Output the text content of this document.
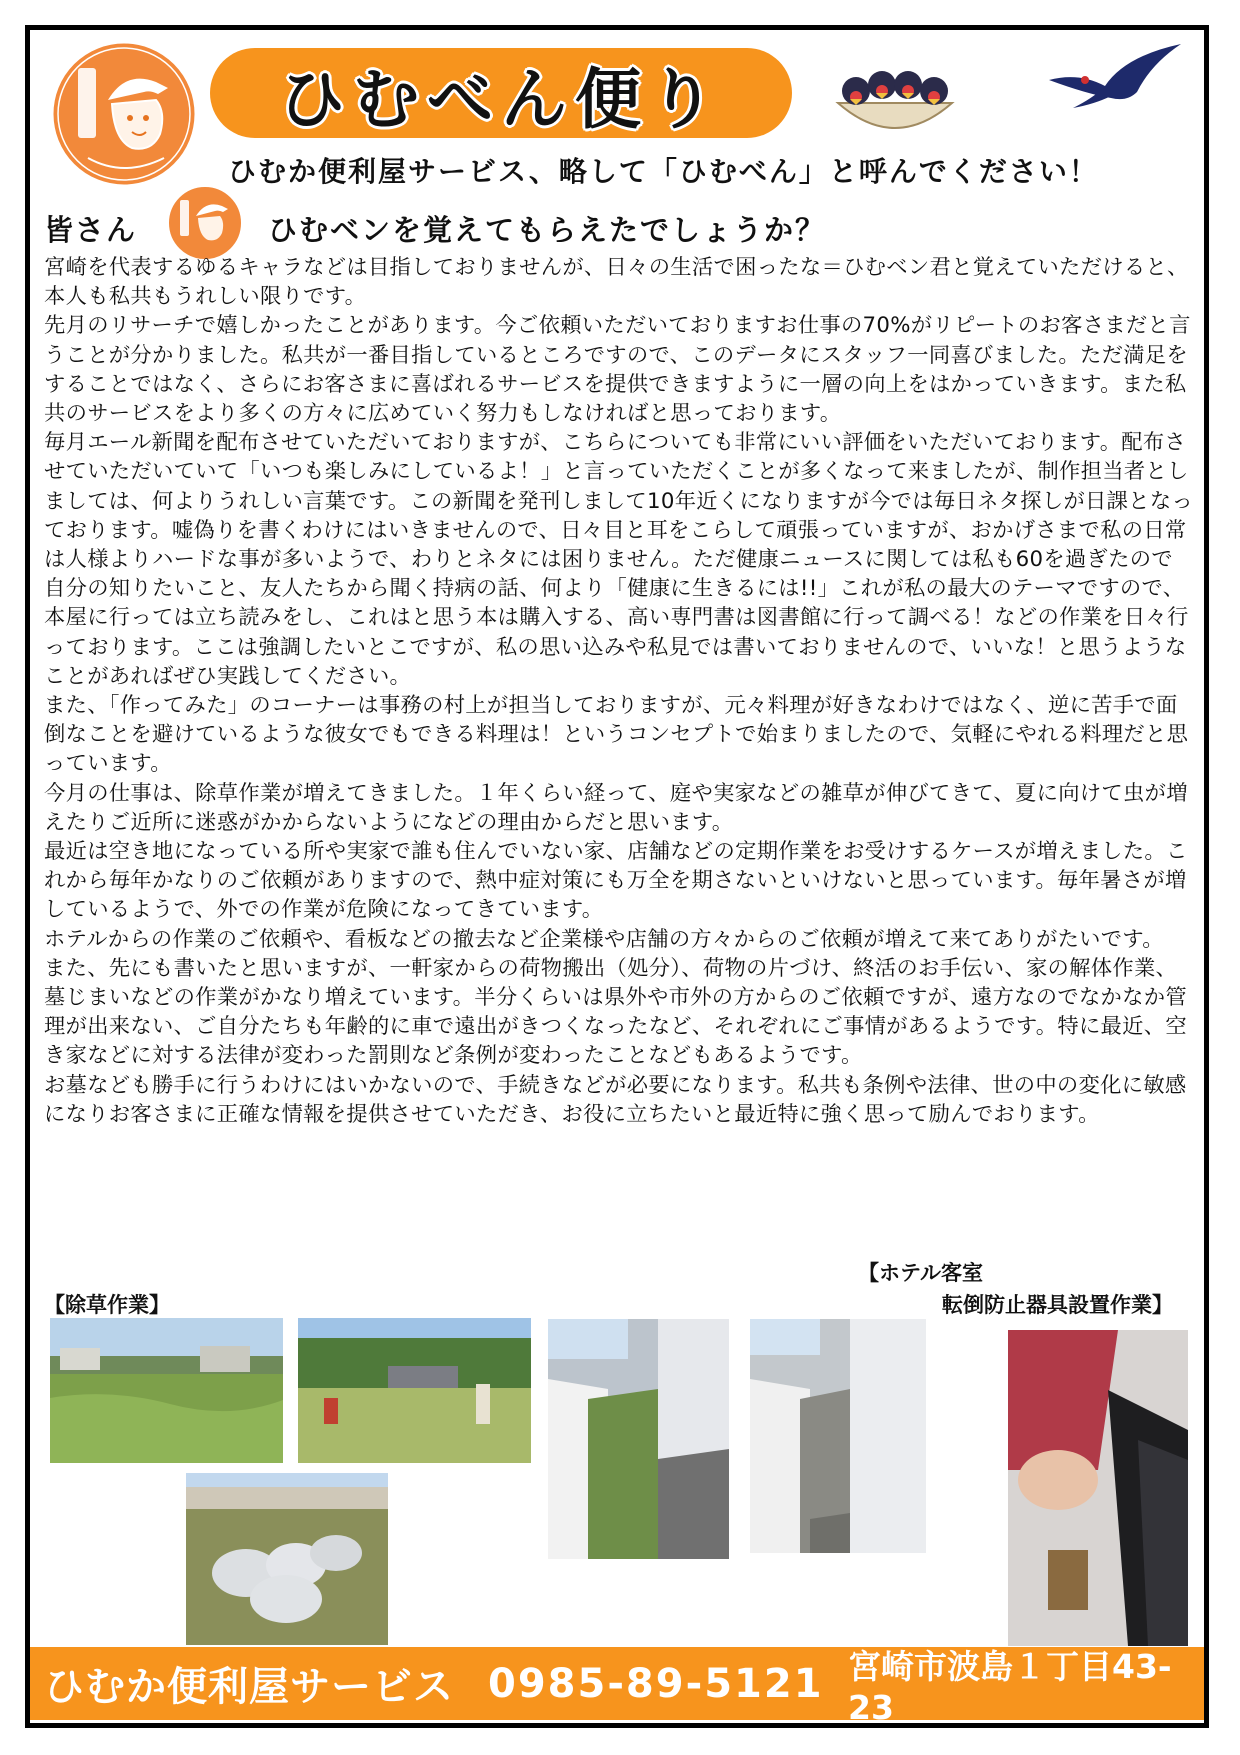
ひむべん便り
ひむか便利屋サービス、略して「ひむべん」と呼んでください！
皆さん	ひむベンを覚えてもらえたでしょうか？

宮崎を代表するゆるキャラなどは目指しておりませんが、日々の生活で困ったな＝ひむベン君と覚えていただけると、本人も私共もうれしい限りです。

先月のリサーチで嬉しかったことがあります。今ご依頼いただいておりますお仕事の70%がリピートのお客さまだと言うことが分かりました。私共が一番目指しているところですので、このデータにスタッフ一同喜びました。ただ満足をすることではなく、さらにお客さまに喜ばれるサービスを提供できますように一層の向上をはかっていきます。また私共のサービスをより多くの方々に広めていく努力もしなければと思っております。

毎月エール新聞を配布させていただいておりますが、こちらについても非常にいい評価をいただいております。配布させていただいていて「いつも楽しみにしているよ！」と言っていただくことが多くなって来ましたが、制作担当者としましては、何よりうれしい言葉です。この新聞を発刊しまして10年近くになりますが今では毎日ネタ探しが日課となっております。嘘偽りを書くわけにはいきませんので、日々目と耳をこらして頑張っていますが、おかげさまで私の日常は人様よりハードな事が多いようで、わりとネタには困りません。ただ健康ニュースに関しては私も60を過ぎたので自分の知りたいこと、友人たちから聞く持病の話、何より「健康に生きるには!!」これが私の最大のテーマですので、本屋に行っては立ち読みをし、これはと思う本は購入する、高い専門書は図書館に行って調べる！などの作業を日々行っております。ここは強調したいとこですが、私の思い込みや私見では書いておりませんので、いいな！と思うようなことがあればぜひ実践してください。

また、「作ってみた」のコーナーは事務の村上が担当しておりますが、元々料理が好きなわけではなく、逆に苦手で面倒なことを避けているような彼女でもできる料理は！というコンセプトで始まりましたので、気軽にやれる料理だと思っています。

今月の仕事は、除草作業が増えてきました。１年くらい経って、庭や実家などの雑草が伸びてきて、夏に向けて虫が増えたりご近所に迷惑がかからないようになどの理由からだと思います。

最近は空き地になっている所や実家で誰も住んでいない家、店舗などの定期作業をお受けするケースが増えました。これから毎年かなりのご依頼がありますので、熱中症対策にも万全を期さないといけないと思っています。毎年暑さが増しているようで、外での作業が危険になってきています。

ホテルからの作業のご依頼や、看板などの撤去など企業様や店舗の方々からのご依頼が増えて来てありがたいです。

また、先にも書いたと思いますが、一軒家からの荷物搬出（処分）、荷物の片づけ、終活のお手伝い、家の解体作業、墓じまいなどの作業がかなり増えています。半分くらいは県外や市外の方からのご依頼ですが、遠方なのでなかなか管理が出来ない、ご自分たちも年齢的に車で遠出がきつくなったなど、それぞれにご事情があるようです。特に最近、空き家などに対する法律が変わった罰則など条例が変わったことなどもあるようです。

お墓なども勝手に行うわけにはいかないので、手続きなどが必要になります。私共も条例や法律、世の中の変化に敏感になりお客さまに正確な情報を提供させていただき、お役に立ちたいと最近特に強く思って励んでおります。

【ホテル客室
【除草作業】	転倒防止器具設置作業】
ひむか便利屋サービス 0985-89-5121 宮崎市波島１丁目43-23
